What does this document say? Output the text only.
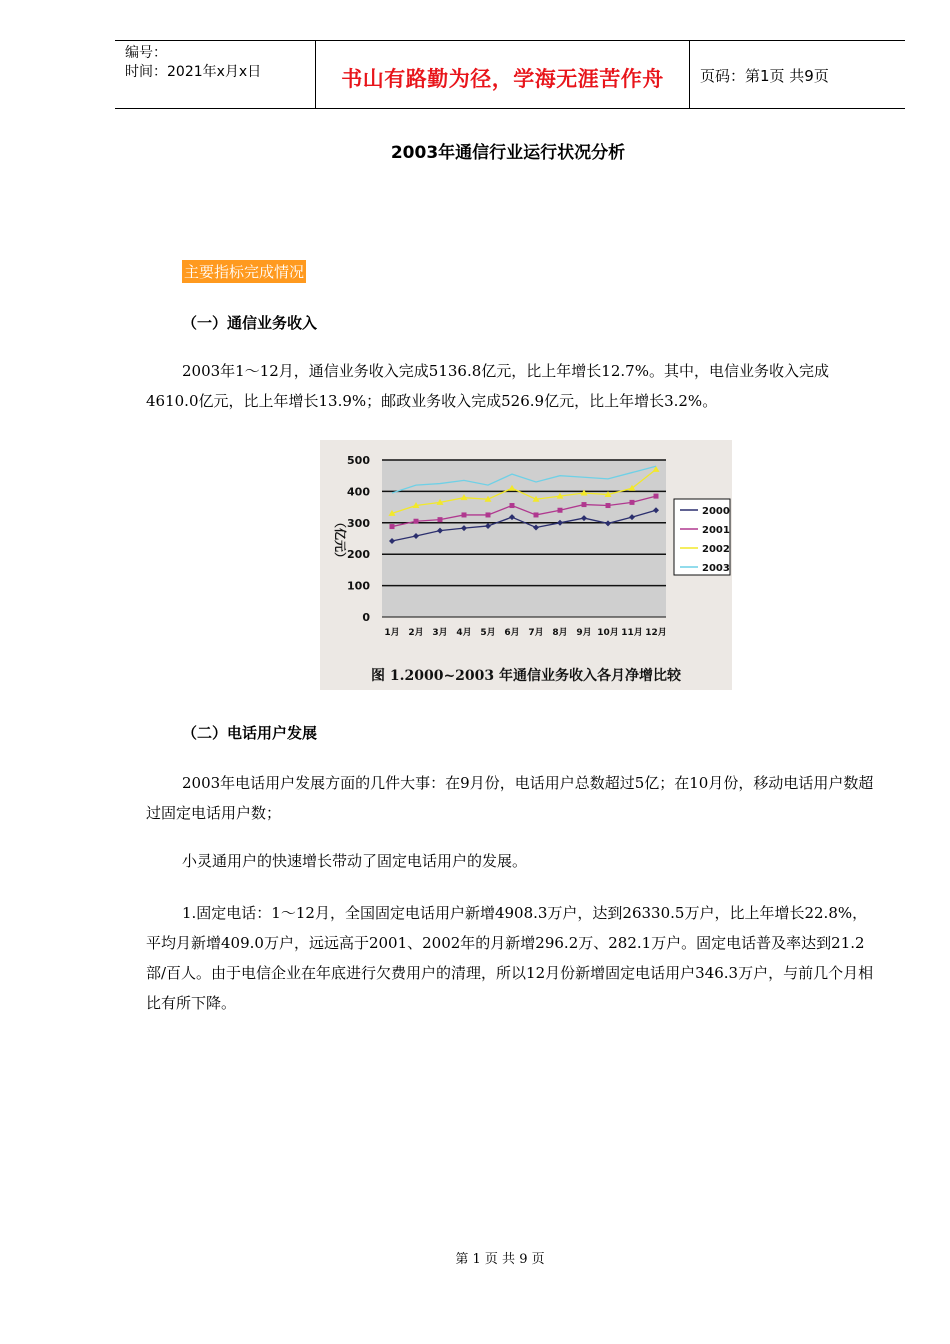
编号：
时间：2021年x月x日	书山有路勤为径，学海无涯苦作舟	页码：第1页 共9页
2003年通信行业运行状况分析
主要指标完成情况
（一）通信业务收入
2003年1～12月，通信业务收入完成5136.8亿元，比上年增长12.7%。其中，电信业务收入完成4610.0亿元，比上年增长13.9%；邮政业务收入完成526.9亿元，比上年增长3.2%。
0
100
200
300
400
500
（亿元）
1月 2月 3月 4月 5月 6月 7月 8月 9月 10月 11月 12月
2000
2001
2002
2003
图 1.2000~2003 年通信业务收入各月净增比较
（二）电话用户发展
2003年电话用户发展方面的几件大事：在9月份，电话用户总数超过5亿；在10月份，移动电话用户数超过固定电话用户数；
小灵通用户的快速增长带动了固定电话用户的发展。
1.固定电话：1～12月，全国固定电话用户新增4908.3万户，达到26330.5万户，比上年增长22.8%，平均月新增409.0万户，远远高于2001、2002年的月新增296.2万、282.1万户。固定电话普及率达到21.2部/百人。由于电信企业在年底进行欠费用户的清理，所以12月份新增固定电话用户346.3万户，与前几个月相比有所下降。
第 1 页 共 9 页
